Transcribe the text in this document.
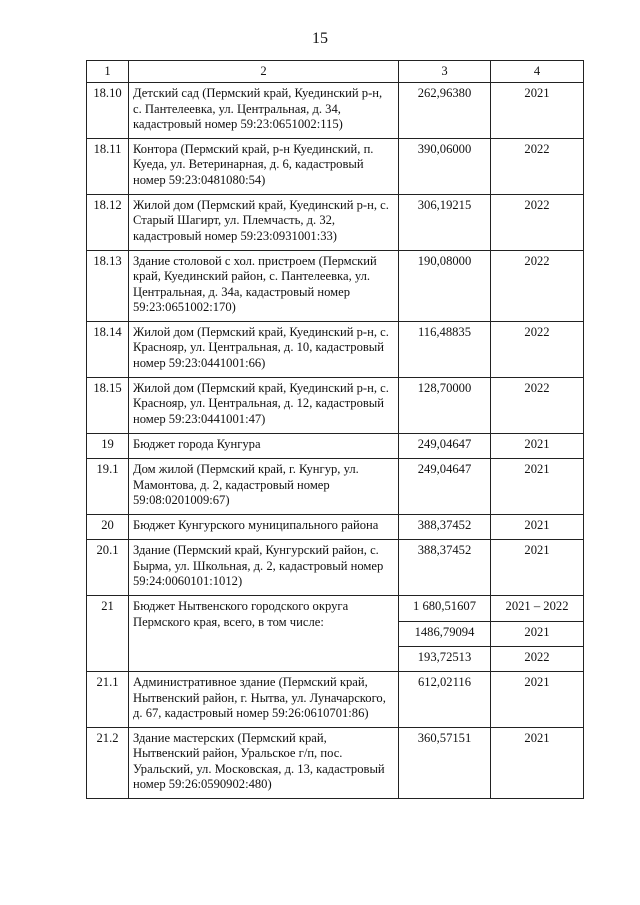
15
1	2	3	4
18.10	Детский сад (Пермский край, Куединский р-н, с. Пантелеевка, ул. Центральная, д. 34, кадастровый номер 59:23:0651002:115)	262,96380	2021
18.11	Контора (Пермский край, р-н Куединский, п. Куеда, ул. Ветеринарная, д. 6, кадастровый номер 59:23:0481080:54)	390,06000	2022
18.12	Жилой дом (Пермский край, Куединский р-н, с. Старый Шагирт, ул. Племчасть, д. 32, кадастровый номер 59:23:0931001:33)	306,19215	2022
18.13	Здание столовой с хол. пристроем (Пермский край, Куединский район, с. Пантелеевка, ул. Центральная, д. 34а, кадастровый номер 59:23:0651002:170)	190,08000	2022
18.14	Жилой дом (Пермский край, Куединский р-н, с. Краснояр, ул. Центральная, д. 10, кадастровый номер 59:23:0441001:66)	116,48835	2022
18.15	Жилой дом (Пермский край, Куединский р-н, с. Краснояр, ул. Центральная, д. 12, кадастровый номер 59:23:0441001:47)	128,70000	2022
19	Бюджет города Кунгура	249,04647	2021
19.1	Дом жилой (Пермский край, г. Кунгур, ул. Мамонтова, д. 2, кадастровый номер 59:08:0201009:67)	249,04647	2021
20	Бюджет Кунгурского муниципального района	388,37452	2021
20.1	Здание (Пермский край, Кунгурский район, с. Бырма, ул. Школьная, д. 2, кадастровый номер 59:24:0060101:1012)	388,37452	2021
21	Бюджет Нытвенского городского округа Пермского края, всего, в том числе:	1 680,51607	2021 – 2022
		1486,79094	2021
		193,72513	2022
21.1	Административное здание (Пермский край, Нытвенский район, г. Нытва, ул. Луначарского, д. 67, кадастровый номер 59:26:0610701:86)	612,02116	2021
21.2	Здание мастерских (Пермский край, Нытвенский район, Уральское г/п, пос. Уральский, ул. Московская, д. 13, кадастровый номер 59:26:0590902:480)	360,57151	2021
